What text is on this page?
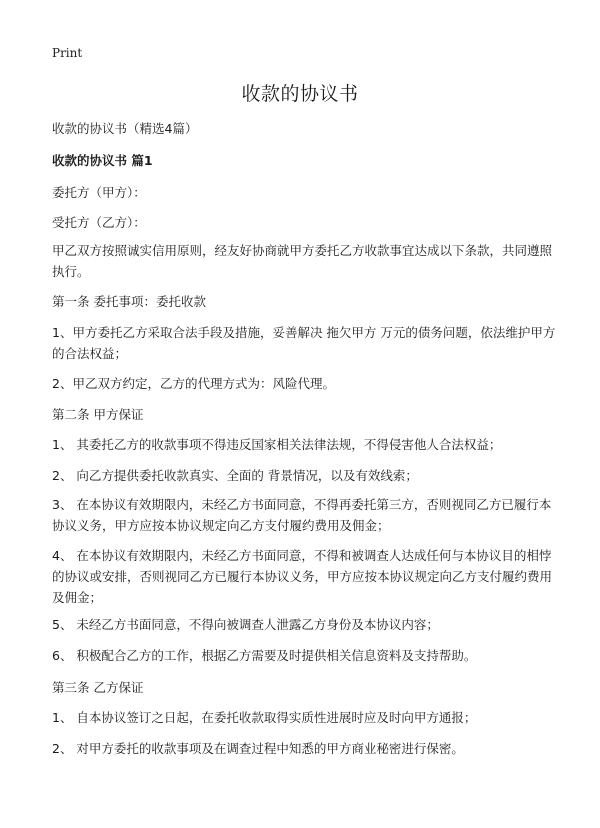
Print
收款的协议书
收款的协议书（精选4篇）
收款的协议书 篇1
委托方（甲方）：
受托方（乙方）：
甲乙双方按照诚实信用原则，经友好协商就甲方委托乙方收款事宜达成以下条款，共同遵照执行。
第一条 委托事项：委托收款
1、甲方委托乙方采取合法手段及措施，妥善解决 拖欠甲方 万元的债务问题，依法维护甲方的合法权益；
2、甲乙双方约定，乙方的代理方式为：风险代理。
第二条 甲方保证
1、 其委托乙方的收款事项不得违反国家相关法律法规，不得侵害他人合法权益；
2、 向乙方提供委托收款真实、全面的 背景情况，以及有效线索；
3、 在本协议有效期限内，未经乙方书面同意，不得再委托第三方，否则视同乙方已履行本协议义务，甲方应按本协议规定向乙方支付履约费用及佣金；
4、 在本协议有效期限内，未经乙方书面同意，不得和被调查人达成任何与本协议目的相悖的协议或安排，否则视同乙方已履行本协议义务，甲方应按本协议规定向乙方支付履约费用及佣金；
5、 未经乙方书面同意，不得向被调查人泄露乙方身份及本协议内容；
6、 积极配合乙方的工作，根据乙方需要及时提供相关信息资料及支持帮助。
第三条 乙方保证
1、 自本协议签订之日起，在委托收款取得实质性进展时应及时向甲方通报；
2、 对甲方委托的收款事项及在调查过程中知悉的甲方商业秘密进行保密。
